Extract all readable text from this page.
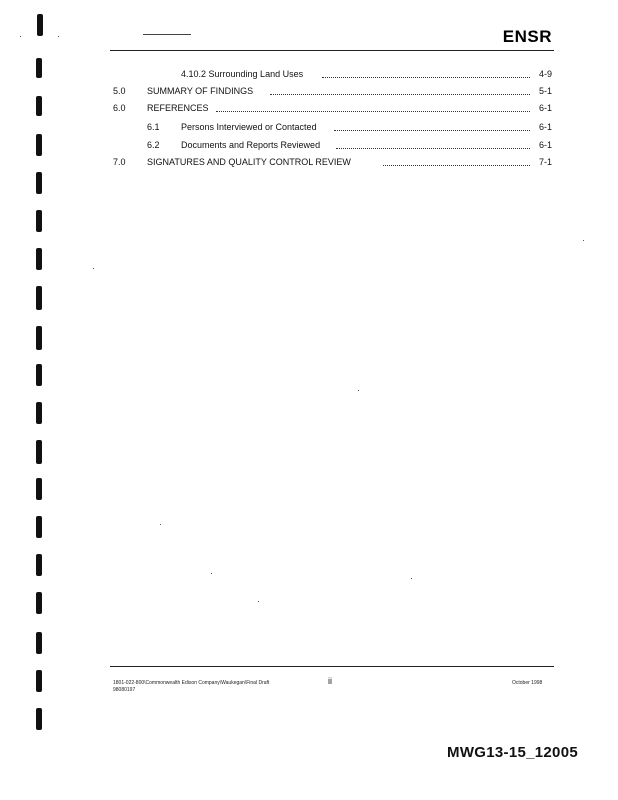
ENSR
4.10.2 Surrounding Land Uses	4-9
5.0 SUMMARY OF FINDINGS	5-1
6.0 REFERENCES	6-1
6.1 Persons Interviewed or Contacted	6-1
6.2 Documents and Reports Reviewed	6-1
7.0 SIGNATURES AND QUALITY CONTROL REVIEW	7-1
1801-022-800\Commonwealth Edison Company\Waukegan\Final Draft
98080197
ii	October 1998
MWG13-15_12005
